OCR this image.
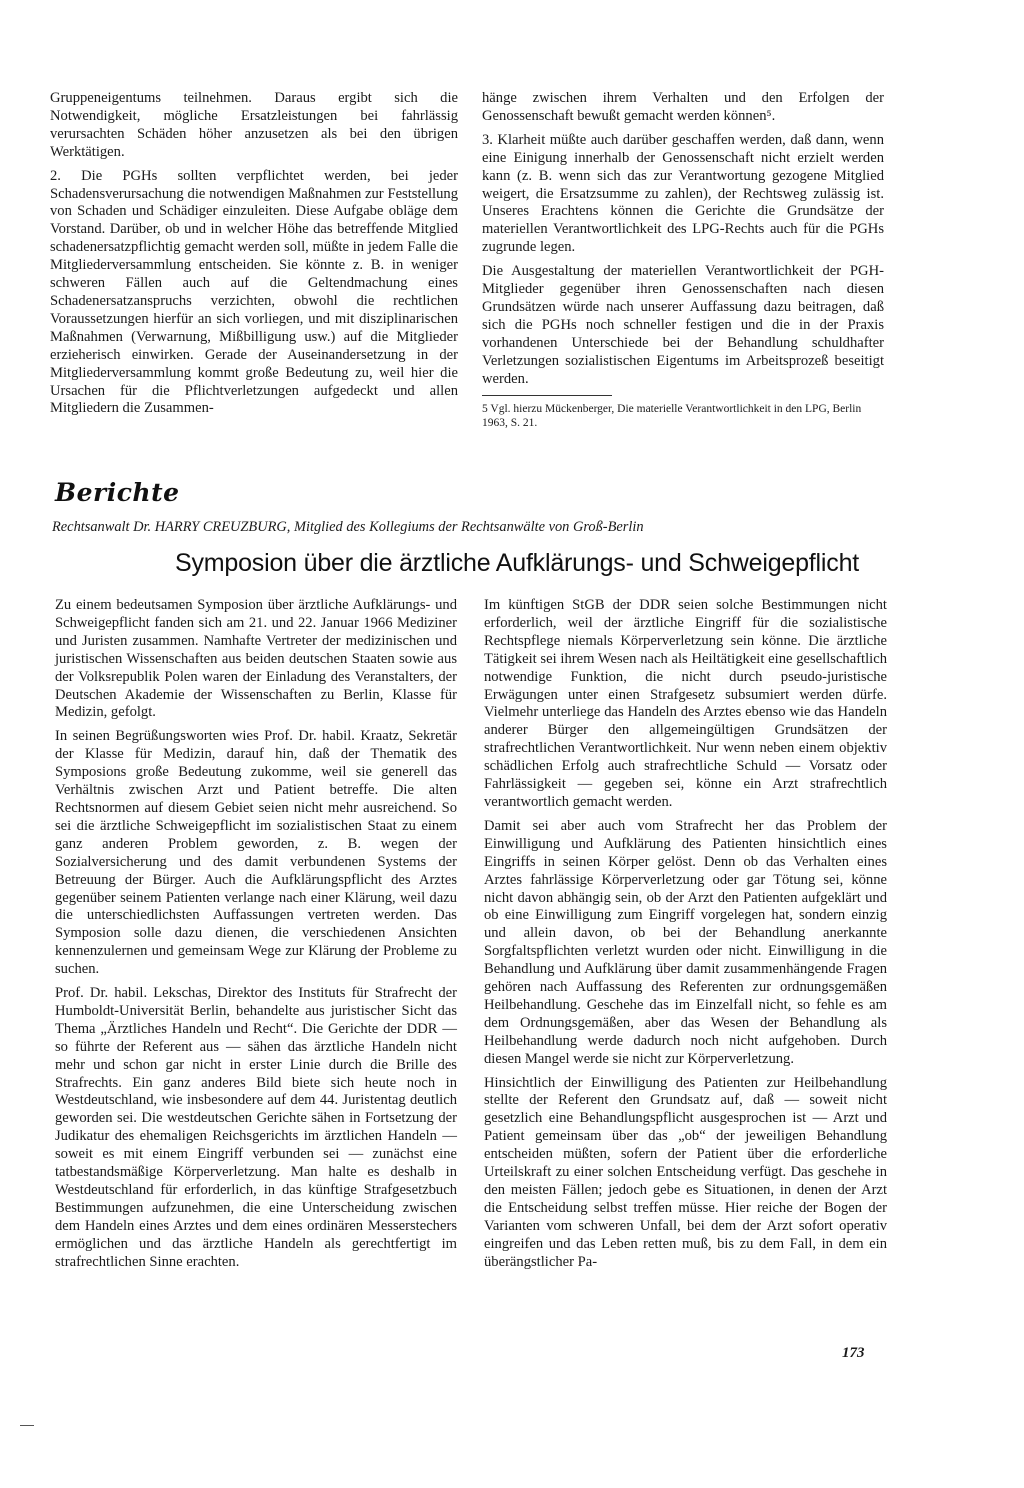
Gruppeneigentums teilnehmen. Daraus ergibt sich die Notwendigkeit, mögliche Ersatzleistungen bei fahrlässig verursachten Schäden höher anzusetzen als bei den übrigen Werktätigen.

2. Die PGHs sollten verpflichtet werden, bei jeder Schadensverursachung die notwendigen Maßnahmen zur Feststellung von Schaden und Schädiger einzuleiten. Diese Aufgabe obläge dem Vorstand. Darüber, ob und in welcher Höhe das betreffende Mitglied schadenersatzpflichtig gemacht werden soll, müßte in jedem Falle die Mitgliederversammlung entscheiden. Sie könnte z. B. in weniger schweren Fällen auch auf die Geltendmachung eines Schadenersatzanspruchs verzichten, obwohl die rechtlichen Voraussetzungen hierfür an sich vorliegen, und mit disziplinarischen Maßnahmen (Verwarnung, Mißbilligung usw.) auf die Mitglieder erzieherisch einwirken. Gerade der Auseinandersetzung in der Mitgliederversammlung kommt große Bedeutung zu, weil hier die Ursachen für die Pflichtverletzungen aufgedeckt und allen Mitgliedern die Zusammen-

hänge zwischen ihrem Verhalten und den Erfolgen der Genossenschaft bewußt gemacht werden können⁵.

3. Klarheit müßte auch darüber geschaffen werden, daß dann, wenn eine Einigung innerhalb der Genossenschaft nicht erzielt werden kann (z. B. wenn sich das zur Verantwortung gezogene Mitglied weigert, die Ersatzsumme zu zahlen), der Rechtsweg zulässig ist. Unseres Erachtens können die Gerichte die Grundsätze der materiellen Verantwortlichkeit des LPG-Rechts auch für die PGHs zugrunde legen.

Die Ausgestaltung der materiellen Verantwortlichkeit der PGH-Mitglieder gegenüber ihren Genossenschaften nach diesen Grundsätzen würde nach unserer Auffassung dazu beitragen, daß sich die PGHs noch schneller festigen und die in der Praxis vorhandenen Unterschiede bei der Behandlung schuldhafter Verletzungen sozialistischen Eigentums im Arbeitsprozeß beseitigt werden.

5 Vgl. hierzu Mückenberger, Die materielle Verantwortlichkeit in den LPG, Berlin 1963, S. 21.

Berichte
Rechtsanwalt Dr. HARRY CREUZBURG, Mitglied des Kollegiums der Rechtsanwälte von Groß-Berlin
Symposion über die ärztliche Aufklärungs- und Schweigepflicht

Zu einem bedeutsamen Symposion über ärztliche Aufklärungs- und Schweigepflicht fanden sich am 21. und 22. Januar 1966 Mediziner und Juristen zusammen. Namhafte Vertreter der medizinischen und juristischen Wissenschaften aus beiden deutschen Staaten sowie aus der Volksrepublik Polen waren der Einladung des Veranstalters, der Deutschen Akademie der Wissenschaften zu Berlin, Klasse für Medizin, gefolgt.

In seinen Begrüßungsworten wies Prof. Dr. habil. Kraatz, Sekretär der Klasse für Medizin, darauf hin, daß der Thematik des Symposions große Bedeutung zukomme, weil sie generell das Verhältnis zwischen Arzt und Patient betreffe. Die alten Rechtsnormen auf diesem Gebiet seien nicht mehr ausreichend. So sei die ärztliche Schweigepflicht im sozialistischen Staat zu einem ganz anderen Problem geworden, z. B. wegen der Sozialversicherung und des damit verbundenen Systems der Betreuung der Bürger. Auch die Aufklärungspflicht des Arztes gegenüber seinem Patienten verlange nach einer Klärung, weil dazu die unterschiedlichsten Auffassungen vertreten werden. Das Symposion solle dazu dienen, die verschiedenen Ansichten kennenzulernen und gemeinsam Wege zur Klärung der Probleme zu suchen.

Prof. Dr. habil. Lekschas, Direktor des Instituts für Strafrecht der Humboldt-Universität Berlin, behandelte aus juristischer Sicht das Thema „Ärztliches Handeln und Recht“. Die Gerichte der DDR — so führte der Referent aus — sähen das ärztliche Handeln nicht mehr und schon gar nicht in erster Linie durch die Brille des Strafrechts. Ein ganz anderes Bild biete sich heute noch in Westdeutschland, wie insbesondere auf dem 44. Juristentag deutlich geworden sei. Die westdeutschen Gerichte sähen in Fortsetzung der Judikatur des ehemaligen Reichsgerichts im ärztlichen Handeln — soweit es mit einem Eingriff verbunden sei — zunächst eine tatbestandsmäßige Körperverletzung. Man halte es deshalb in Westdeutschland für erforderlich, in das künftige Strafgesetzbuch Bestimmungen aufzunehmen, die eine Unterscheidung zwischen dem Handeln eines Arztes und dem eines ordinären Messerstechers ermöglichen und das ärztliche Handeln als gerechtfertigt im strafrechtlichen Sinne erachten.

Im künftigen StGB der DDR seien solche Bestimmungen nicht erforderlich, weil der ärztliche Eingriff für die sozialistische Rechtspflege niemals Körperverletzung sein könne. Die ärztliche Tätigkeit sei ihrem Wesen nach als Heiltätigkeit eine gesellschaftlich notwendige Funktion, die nicht durch pseudo-juristische Erwägungen unter einen Strafgesetz subsumiert werden dürfe. Vielmehr unterliege das Handeln des Arztes ebenso wie das Handeln anderer Bürger den allgemeingültigen Grundsätzen der strafrechtlichen Verantwortlichkeit. Nur wenn neben einem objektiv schädlichen Erfolg auch strafrechtliche Schuld — Vorsatz oder Fahrlässigkeit — gegeben sei, könne ein Arzt strafrechtlich verantwortlich gemacht werden.

Damit sei aber auch vom Strafrecht her das Problem der Einwilligung und Aufklärung des Patienten hinsichtlich eines Eingriffs in seinen Körper gelöst. Denn ob das Verhalten eines Arztes fahrlässige Körperverletzung oder gar Tötung sei, könne nicht davon abhängig sein, ob der Arzt den Patienten aufgeklärt und ob eine Einwilligung zum Eingriff vorgelegen hat, sondern einzig und allein davon, ob bei der Behandlung anerkannte Sorgfaltspflichten verletzt wurden oder nicht. Einwilligung in die Behandlung und Aufklärung über damit zusammenhängende Fragen gehören nach Auffassung des Referenten zur ordnungsgemäßen Heilbehandlung. Geschehe das im Einzelfall nicht, so fehle es am dem Ordnungsgemäßen, aber das Wesen der Behandlung als Heilbehandlung werde dadurch noch nicht aufgehoben. Durch diesen Mangel werde sie nicht zur Körperverletzung.

Hinsichtlich der Einwilligung des Patienten zur Heilbehandlung stellte der Referent den Grundsatz auf, daß — soweit nicht gesetzlich eine Behandlungspflicht ausgesprochen ist — Arzt und Patient gemeinsam über das „ob“ der jeweiligen Behandlung entscheiden müßten, sofern der Patient über die erforderliche Urteilskraft zu einer solchen Entscheidung verfügt. Das geschehe in den meisten Fällen; jedoch gebe es Situationen, in denen der Arzt die Entscheidung selbst treffen müsse. Hier reiche der Bogen der Varianten vom schweren Unfall, bei dem der Arzt sofort operativ eingreifen und das Leben retten muß, bis zu dem Fall, in dem ein überängstlicher Pa-

173
